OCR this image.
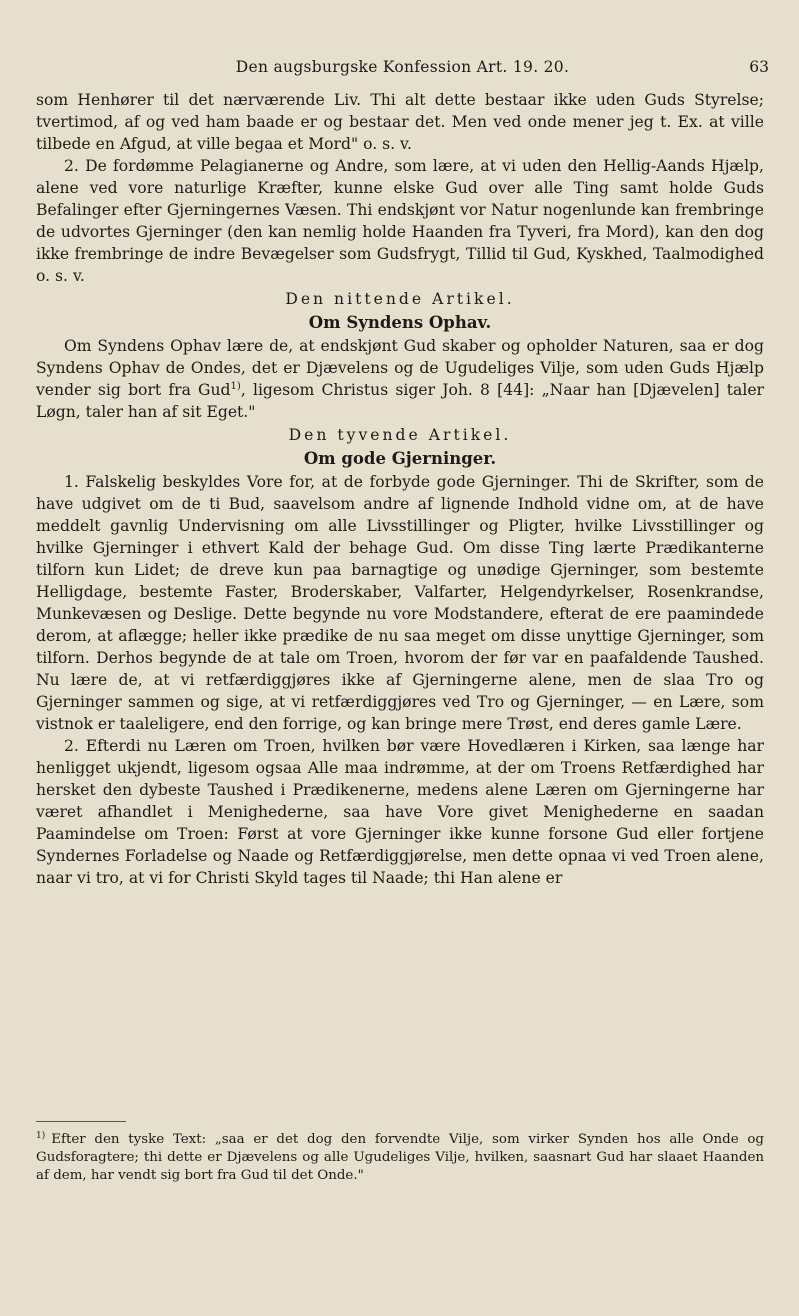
Den augsburgske Konfession Art. 19. 20.	63

som Henhører til det nærværende Liv. Thi alt dette bestaar ikke uden Guds Styrelse; tvertimod, af og ved ham baade er og bestaar det. Men ved onde mener jeg t. Ex. at ville tilbede en Afgud, at ville begaa et Mord" o. s. v.

2. De fordømme Pelagianerne og Andre, som lære, at vi uden den Hellig-Aands Hjælp, alene ved vore naturlige Kræfter, kunne elske Gud over alle Ting samt holde Guds Befalinger efter Gjerningernes Væsen. Thi endskjønt vor Natur nogenlunde kan frembringe de udvortes Gjerninger (den kan nemlig holde Haanden fra Tyveri, fra Mord), kan den dog ikke frembringe de indre Bevægelser som Gudsfrygt, Tillid til Gud, Kyskhed, Taalmodighed o. s. v.

Den nittende Artikel.

Om Syndens Ophav.

Om Syndens Ophav lære de, at endskjønt Gud skaber og opholder Naturen, saa er dog Syndens Ophav de Ondes, det er Djævelens og de Ugudeliges Vilje, som uden Guds Hjælp vender sig bort fra Gud$^{1)}$, ligesom Christus siger Joh. 8 [44]: „Naar han [Djævelen] taler Løgn, taler han af sit Eget."

Den tyvende Artikel.

Om gode Gjerninger.

1. Falskelig beskyldes Vore for, at de forbyde gode Gjerninger. Thi de Skrifter, som de have udgivet om de ti Bud, saavelsom andre af lignende Indhold vidne om, at de have meddelt gavnlig Undervisning om alle Livsstillinger og Pligter, hvilke Livsstillinger og hvilke Gjerninger i ethvert Kald der behage Gud. Om disse Ting lærte Prædikanterne tilforn kun Lidet; de dreve kun paa barnagtige og unødige Gjerninger, som bestemte Helligdage, bestemte Faster, Broderskaber, Valfarter, Helgendyrkelser, Rosenkrandse, Munkevæsen og Deslige. Dette begynde nu vore Modstandere, efterat de ere paamindede derom, at aflægge; heller ikke prædike de nu saa meget om disse unyttige Gjerninger, som tilforn. Derhos begynde de at tale om Troen, hvorom der før var en paafaldende Taushed. Nu lære de, at vi retfærdiggjøres ikke af Gjerningerne alene, men de slaa Tro og Gjerninger sammen og sige, at vi retfærdiggjøres ved Tro og Gjerninger, — en Lære, som vistnok er taaleligere, end den forrige, og kan bringe mere Trøst, end deres gamle Lære.

2. Efterdi nu Læren om Troen, hvilken bør være Hovedlæren i Kirken, saa længe har henligget ukjendt, ligesom ogsaa Alle maa indrømme, at der om Troens Retfærdighed har hersket den dybeste Taushed i Prædikenerne, medens alene Læren om Gjerningerne har været afhandlet i Menighederne, saa have Vore givet Menighederne en saadan Paamindelse om Troen: Først at vore Gjerninger ikke kunne forsone Gud eller fortjene Syndernes Forladelse og Naade og Retfærdiggjørelse, men dette opnaa vi ved Troen alene, naar vi tro, at vi for Christi Skyld tages til Naade; thi Han alene er

$^{1)}$ Efter den tyske Text: „saa er det dog den forvendte Vilje, som virker Synden hos alle Onde og Gudsforagtere; thi dette er Djævelens og alle Ugudeliges Vilje, hvilken, saasnart Gud har slaaet Haanden af dem, har vendt sig bort fra Gud til det Onde."
